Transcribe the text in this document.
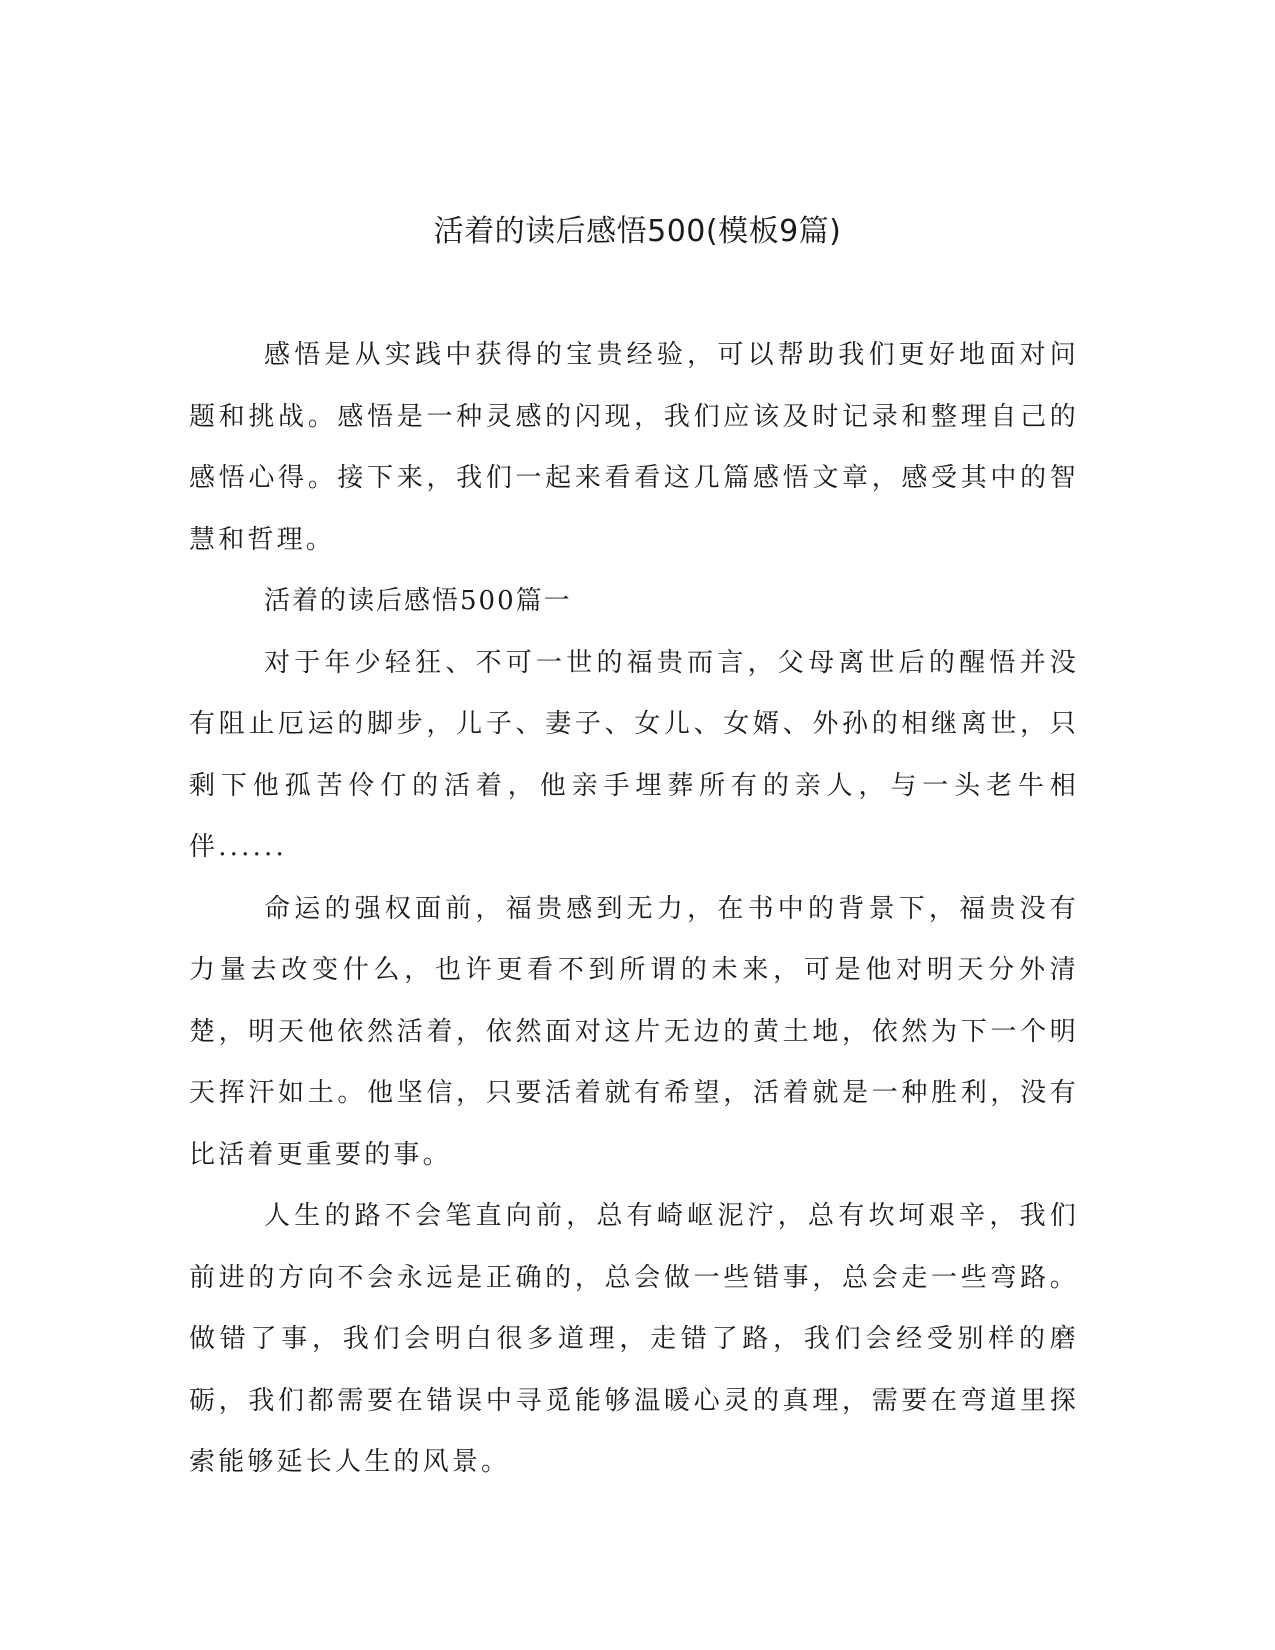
活着的读后感悟500(模板9篇)

感悟是从实践中获得的宝贵经验，可以帮助我们更好地面对问题和挑战。感悟是一种灵感的闪现，我们应该及时记录和整理自己的感悟心得。接下来，我们一起来看看这几篇感悟文章，感受其中的智慧和哲理。

活着的读后感悟500篇一

对于年少轻狂、不可一世的福贵而言，父母离世后的醒悟并没有阻止厄运的脚步，儿子、妻子、女儿、女婿、外孙的相继离世，只剩下他孤苦伶仃的活着，他亲手埋葬所有的亲人，与一头老牛相伴......

命运的强权面前，福贵感到无力，在书中的背景下，福贵没有力量去改变什么，也许更看不到所谓的未来，可是他对明天分外清楚，明天他依然活着，依然面对这片无边的黄土地，依然为下一个明天挥汗如土。他坚信，只要活着就有希望，活着就是一种胜利，没有比活着更重要的事。

人生的路不会笔直向前，总有崎岖泥泞，总有坎坷艰辛，我们前进的方向不会永远是正确的，总会做一些错事，总会走一些弯路。做错了事，我们会明白很多道理，走错了路，我们会经受别样的磨砺，我们都需要在错误中寻觅能够温暖心灵的真理，需要在弯道里探索能够延长人生的风景。
